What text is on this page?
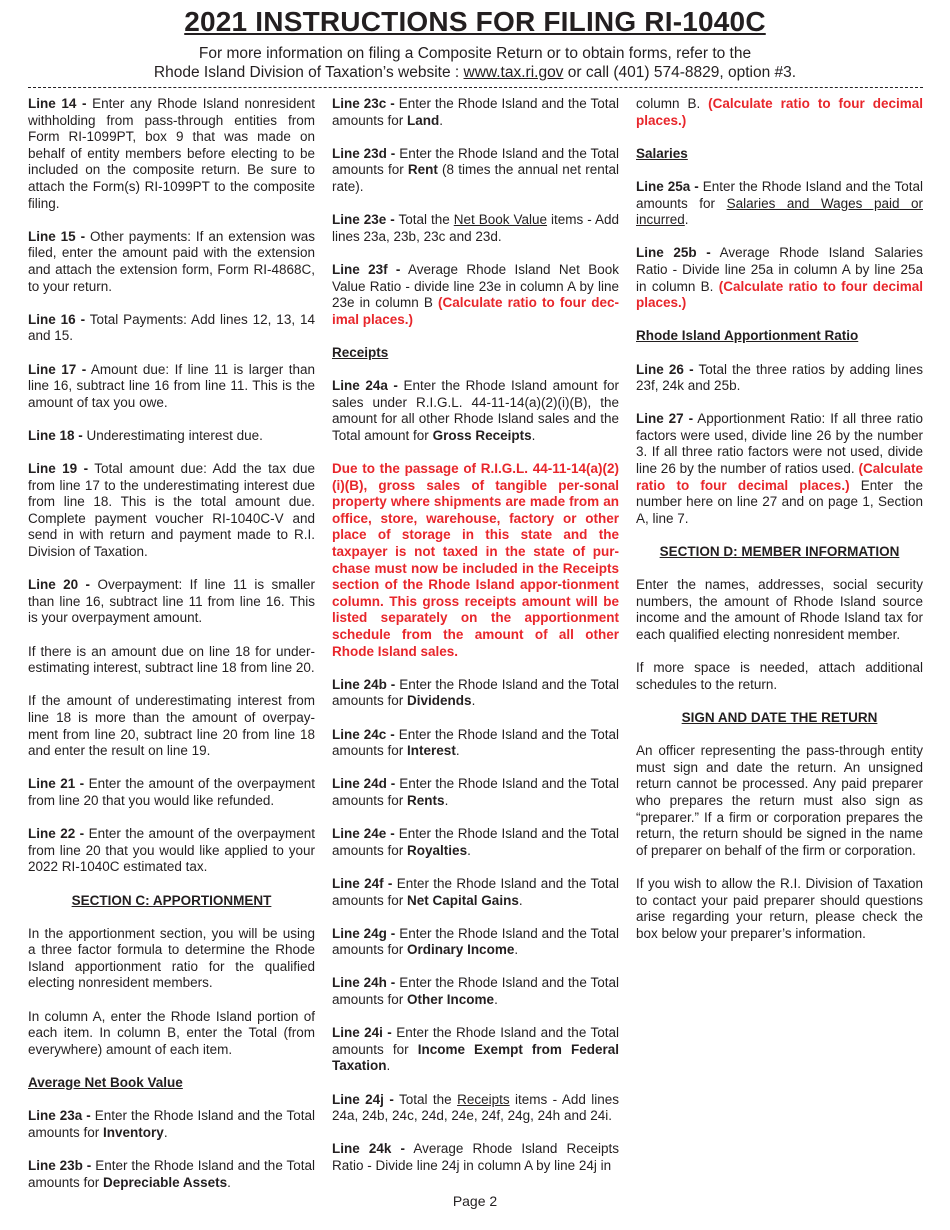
2021 INSTRUCTIONS FOR FILING RI-1040C
For more information on filing a Composite Return or to obtain forms, refer to the
Rhode Island Division of Taxation’s website : www.tax.ri.gov or call (401) 574-8829, option #3.

Line 14 - Enter any Rhode Island nonresident withholding from pass-through entities from Form RI-1099PT, box 9 that was made on behalf of entity members before electing to be included on the composite return. Be sure to attach the Form(s) RI-1099PT to the composite filing.

Line 15 - Other payments: If an extension was filed, enter the amount paid with the extension and attach the extension form, Form RI-4868C, to your return.

Line 16 - Total Payments: Add lines 12, 13, 14 and 15.

Line 17 - Amount due: If line 11 is larger than line 16, subtract line 16 from line 11. This is the amount of tax you owe.

Line 18 - Underestimating interest due.

Line 19 - Total amount due: Add the tax due from line 17 to the underestimating interest due from line 18. This is the total amount due. Complete payment voucher RI-1040C-V and send in with return and payment made to R.I. Division of Taxation.

Line 20 - Overpayment: If line 11 is smaller than line 16, subtract line 11 from line 16. This is your overpayment amount.

If there is an amount due on line 18 for under-estimating interest, subtract line 18 from line 20.

If the amount of underestimating interest from line 18 is more than the amount of overpay-ment from line 20, subtract line 20 from line 18 and enter the result on line 19.

Line 21 - Enter the amount of the overpayment from line 20 that you would like refunded.

Line 22 - Enter the amount of the overpayment from line 20 that you would like applied to your 2022 RI-1040C estimated tax.

SECTION C: APPORTIONMENT

In the apportionment section, you will be using a three factor formula to determine the Rhode Island apportionment ratio for the qualified electing nonresident members.

In column A, enter the Rhode Island portion of each item. In column B, enter the Total (from everywhere) amount of each item.

Average Net Book Value

Line 23a - Enter the Rhode Island and the Total amounts for Inventory.

Line 23b - Enter the Rhode Island and the Total amounts for Depreciable Assets.

Line 23c - Enter the Rhode Island and the Total amounts for Land.

Line 23d - Enter the Rhode Island and the Total amounts for Rent (8 times the annual net rental rate).

Line 23e - Total the Net Book Value items - Add lines 23a, 23b, 23c and 23d.

Line 23f - Average Rhode Island Net Book Value Ratio - divide line 23e in column A by line 23e in column B (Calculate ratio to four dec-imal places.)

Receipts

Line 24a - Enter the Rhode Island amount for sales under R.I.G.L. 44-11-14(a)(2)(i)(B), the amount for all other Rhode Island sales and the Total amount for Gross Receipts.

Due to the passage of R.I.G.L. 44-11-14(a)(2)(i)(B), gross sales of tangible per-sonal property where shipments are made from an office, store, warehouse, factory or other place of storage in this state and the taxpayer is not taxed in the state of pur-chase must now be included in the Receipts section of the Rhode Island appor-tionment column. This gross receipts amount will be listed separately on the apportionment schedule from the amount of all other Rhode Island sales.

Line 24b - Enter the Rhode Island and the Total amounts for Dividends.

Line 24c - Enter the Rhode Island and the Total amounts for Interest.

Line 24d - Enter the Rhode Island and the Total amounts for Rents.

Line 24e - Enter the Rhode Island and the Total amounts for Royalties.

Line 24f - Enter the Rhode Island and the Total amounts for Net Capital Gains.

Line 24g - Enter the Rhode Island and the Total amounts for Ordinary Income.

Line 24h - Enter the Rhode Island and the Total amounts for Other Income.

Line 24i - Enter the Rhode Island and the Total amounts for Income Exempt from Federal Taxation.

Line 24j - Total the Receipts items - Add lines 24a, 24b, 24c, 24d, 24e, 24f, 24g, 24h and 24i.

Line 24k - Average Rhode Island Receipts Ratio - Divide line 24j in column A by line 24j in

column B. (Calculate ratio to four decimal places.)

Salaries

Line 25a - Enter the Rhode Island and the Total amounts for Salaries and Wages paid or incurred.

Line 25b - Average Rhode Island Salaries Ratio - Divide line 25a in column A by line 25a in column B. (Calculate ratio to four decimal places.)

Rhode Island Apportionment Ratio

Line 26 - Total the three ratios by adding lines 23f, 24k and 25b.

Line 27 - Apportionment Ratio: If all three ratio factors were used, divide line 26 by the number 3. If all three ratio factors were not used, divide line 26 by the number of ratios used. (Calculate ratio to four decimal places.) Enter the number here on line 27 and on page 1, Section A, line 7.

SECTION D: MEMBER INFORMATION

Enter the names, addresses, social security numbers, the amount of Rhode Island source income and the amount of Rhode Island tax for each qualified electing nonresident member.

If more space is needed, attach additional schedules to the return.

SIGN AND DATE THE RETURN

An officer representing the pass-through entity must sign and date the return. An unsigned return cannot be processed. Any paid preparer who prepares the return must also sign as “preparer.” If a firm or corporation prepares the return, the return should be signed in the name of preparer on behalf of the firm or corporation.

If you wish to allow the R.I. Division of Taxation to contact your paid preparer should questions arise regarding your return, please check the box below your preparer’s information.

Page 2
